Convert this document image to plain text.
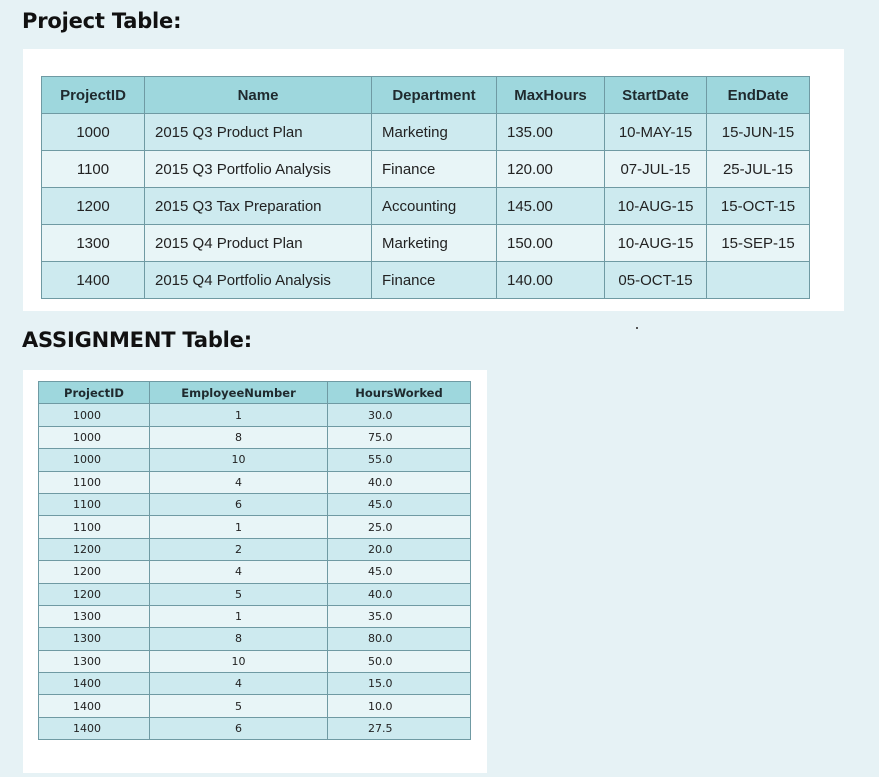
Project Table:
ProjectID	Name	Department	MaxHours	StartDate	EndDate
1000	2015 Q3 Product Plan	Marketing	135.00	10-MAY-15	15-JUN-15
1100	2015 Q3 Portfolio Analysis	Finance	120.00	07-JUL-15	25-JUL-15
1200	2015 Q3 Tax Preparation	Accounting	145.00	10-AUG-15	15-OCT-15
1300	2015 Q4 Product Plan	Marketing	150.00	10-AUG-15	15-SEP-15
1400	2015 Q4 Portfolio Analysis	Finance	140.00	05-OCT-15	
ASSIGNMENT Table:
ProjectID	EmployeeNumber	HoursWorked
1000	1	30.0
1000	8	75.0
1000	10	55.0
1100	4	40.0
1100	6	45.0
1100	1	25.0
1200	2	20.0
1200	4	45.0
1200	5	40.0
1300	1	35.0
1300	8	80.0
1300	10	50.0
1400	4	15.0
1400	5	10.0
1400	6	27.5
